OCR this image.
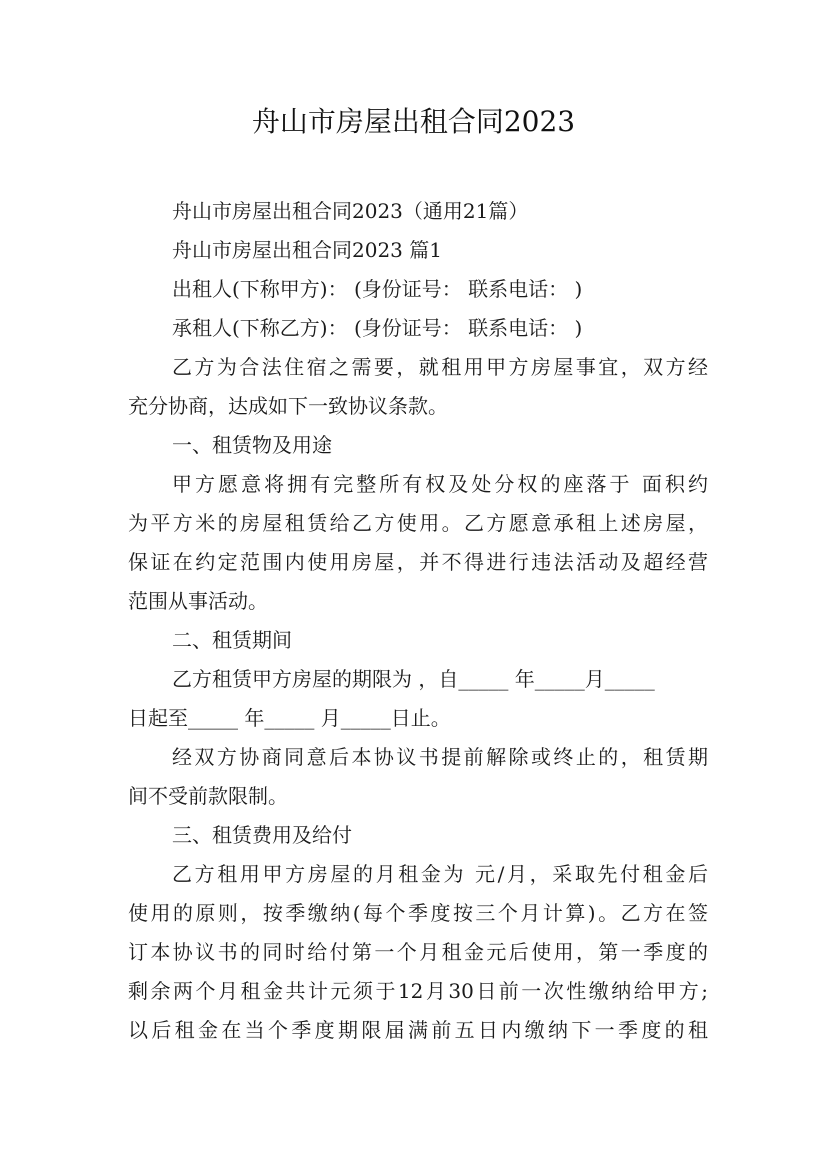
舟山市房屋出租合同2023
舟山市房屋出租合同2023（通用21篇）
舟山市房屋出租合同2023 篇1
出租人(下称甲方)： (身份证号： 联系电话： )
承租人(下称乙方)： (身份证号： 联系电话： )
乙方为合法住宿之需要，就租用甲方房屋事宜，双方经
充分协商，达成如下一致协议条款。
一、租赁物及用途
甲方愿意将拥有完整所有权及处分权的座落于 面积约
为平方米的房屋租赁给乙方使用。乙方愿意承租上述房屋，
保证在约定范围内使用房屋，并不得进行违法活动及超经营
范围从事活动。
二、租赁期间
乙方租赁甲方房屋的期限为 ，自_____ 年_____月_____
日起至_____ 年_____ 月_____日止。
经双方协商同意后本协议书提前解除或终止的，租赁期
间不受前款限制。
三、租赁费用及给付
乙方租用甲方房屋的月租金为 元/月，采取先付租金后
使用的原则，按季缴纳(每个季度按三个月计算)。乙方在签
订本协议书的同时给付第一个月租金元后使用，第一季度的
剩余两个月租金共计元须于12月30日前一次性缴纳给甲方;
以后租金在当个季度期限届满前五日内缴纳下一季度的租
